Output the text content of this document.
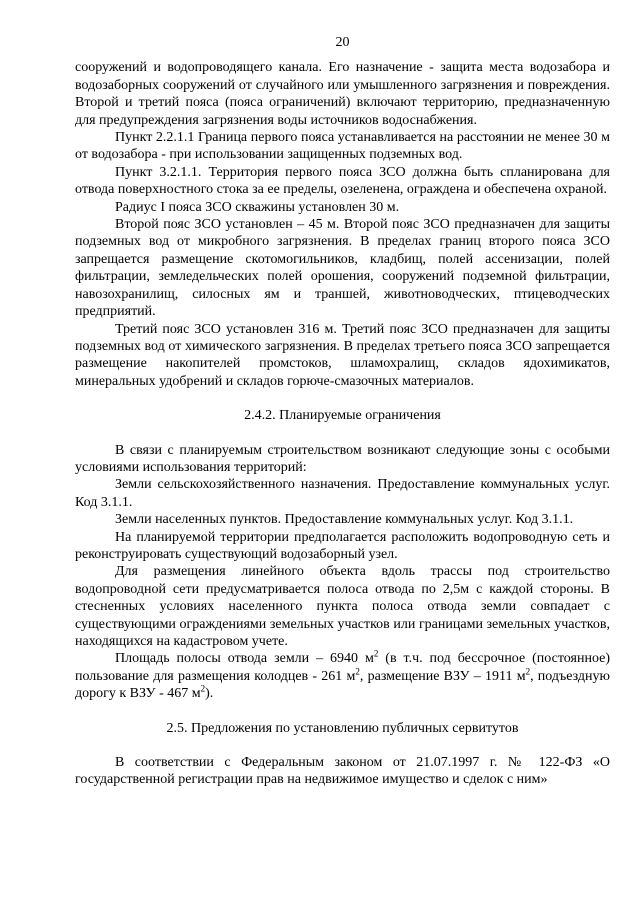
20

сооружений и водопроводящего канала. Его назначение - защита места водозабора и водозаборных сооружений от случайного или умышленного загрязнения и повреждения. Второй и третий пояса (пояса ограничений) включают территорию, предназначенную для предупреждения загрязнения воды источников водоснабжения.

Пункт 2.2.1.1 Граница первого пояса устанавливается на расстоянии не менее 30 м от водозабора - при использовании защищенных подземных вод.

Пункт 3.2.1.1. Территория первого пояса ЗСО должна быть спланирована для отвода поверхностного стока за ее пределы, озеленена, ограждена и обеспечена охраной.

Радиус I пояса ЗСО скважины установлен 30 м.

Второй пояс ЗСО установлен – 45 м. Второй пояс ЗСО предназначен для защиты подземных вод от микробного загрязнения. В пределах границ второго пояса ЗСО запрещается размещение скотомогильников, кладбищ, полей ассенизации, полей фильтрации, земледельческих полей орошения, сооружений подземной фильтрации, навозохранилищ, силосных ям и траншей, животноводческих, птицеводческих предприятий.

Третий пояс ЗСО установлен 316 м. Третий пояс ЗСО предназначен для защиты подземных вод от химического загрязнения. В пределах третьего пояса ЗСО запрещается размещение накопителей промстоков, шламохралищ, складов ядохимикатов, минеральных удобрений и складов горюче-смазочных материалов.

2.4.2. Планируемые ограничения

В связи с планируемым строительством возникают следующие зоны с особыми условиями использования территорий:

Земли сельскохозяйственного назначения. Предоставление коммунальных услуг. Код 3.1.1.

Земли населенных пунктов. Предоставление коммунальных услуг. Код 3.1.1.

На планируемой территории предполагается расположить водопроводную сеть и реконструировать существующий водозаборный узел.

Для размещения линейного объекта вдоль трассы под строительство водопроводной сети предусматривается полоса отвода по 2,5м с каждой стороны. В стесненных условиях населенного пункта полоса отвода земли совпадает с существующими ограждениями земельных участков или границами земельных участков, находящихся на кадастровом учете.

Площадь полосы отвода земли – 6940 $м^2$ (в т.ч. под бессрочное (постоянное) пользование для размещения колодцев - 261 $м^2$, размещение ВЗУ – 1911 $м^2$, подъездную дорогу к ВЗУ - 467 $м^2$).

2.5. Предложения по установлению публичных сервитутов

В соответствии с Федеральным законом от 21.07.1997 г. № 122-ФЗ «О государственной регистрации прав на недвижимое имущество и сделок с ним»
